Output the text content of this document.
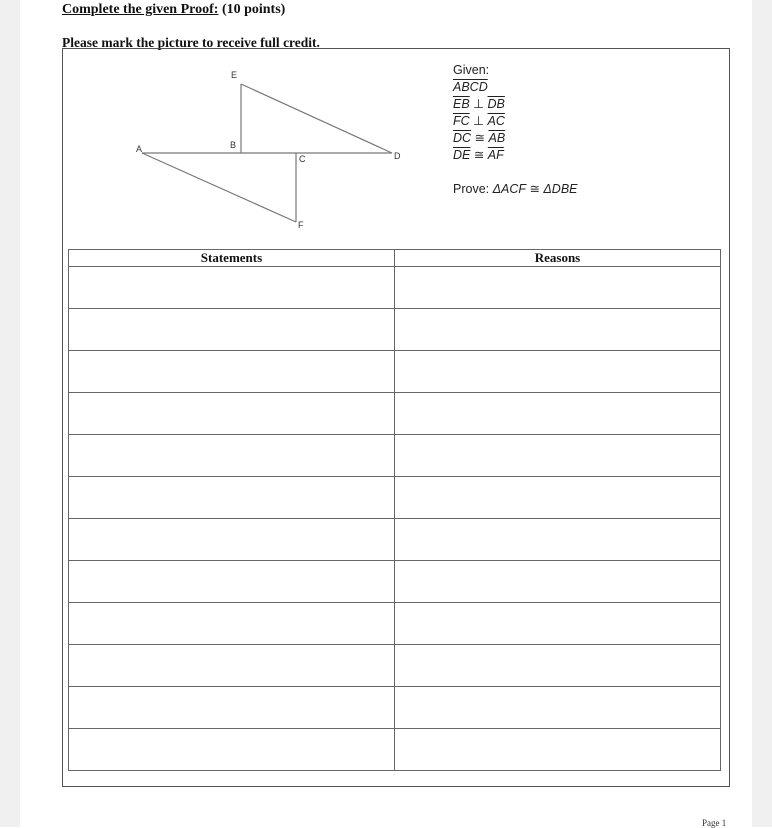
Complete the given Proof: (10 points)
Please mark the picture to receive full credit.
A	B
C	D
E
F
Given:
ABCD
$\overline{EB}$ ⊥ $\overline{DB}$
$\overline{FC}$ ⊥ $\overline{AC}$
$\overline{DC}$ ≅ $\overline{AB}$
$\overline{DE}$ ≅ $\overline{AF}$
Prove: ΔACF ≅ ΔDBE
Statements	Reasons

Page 1
